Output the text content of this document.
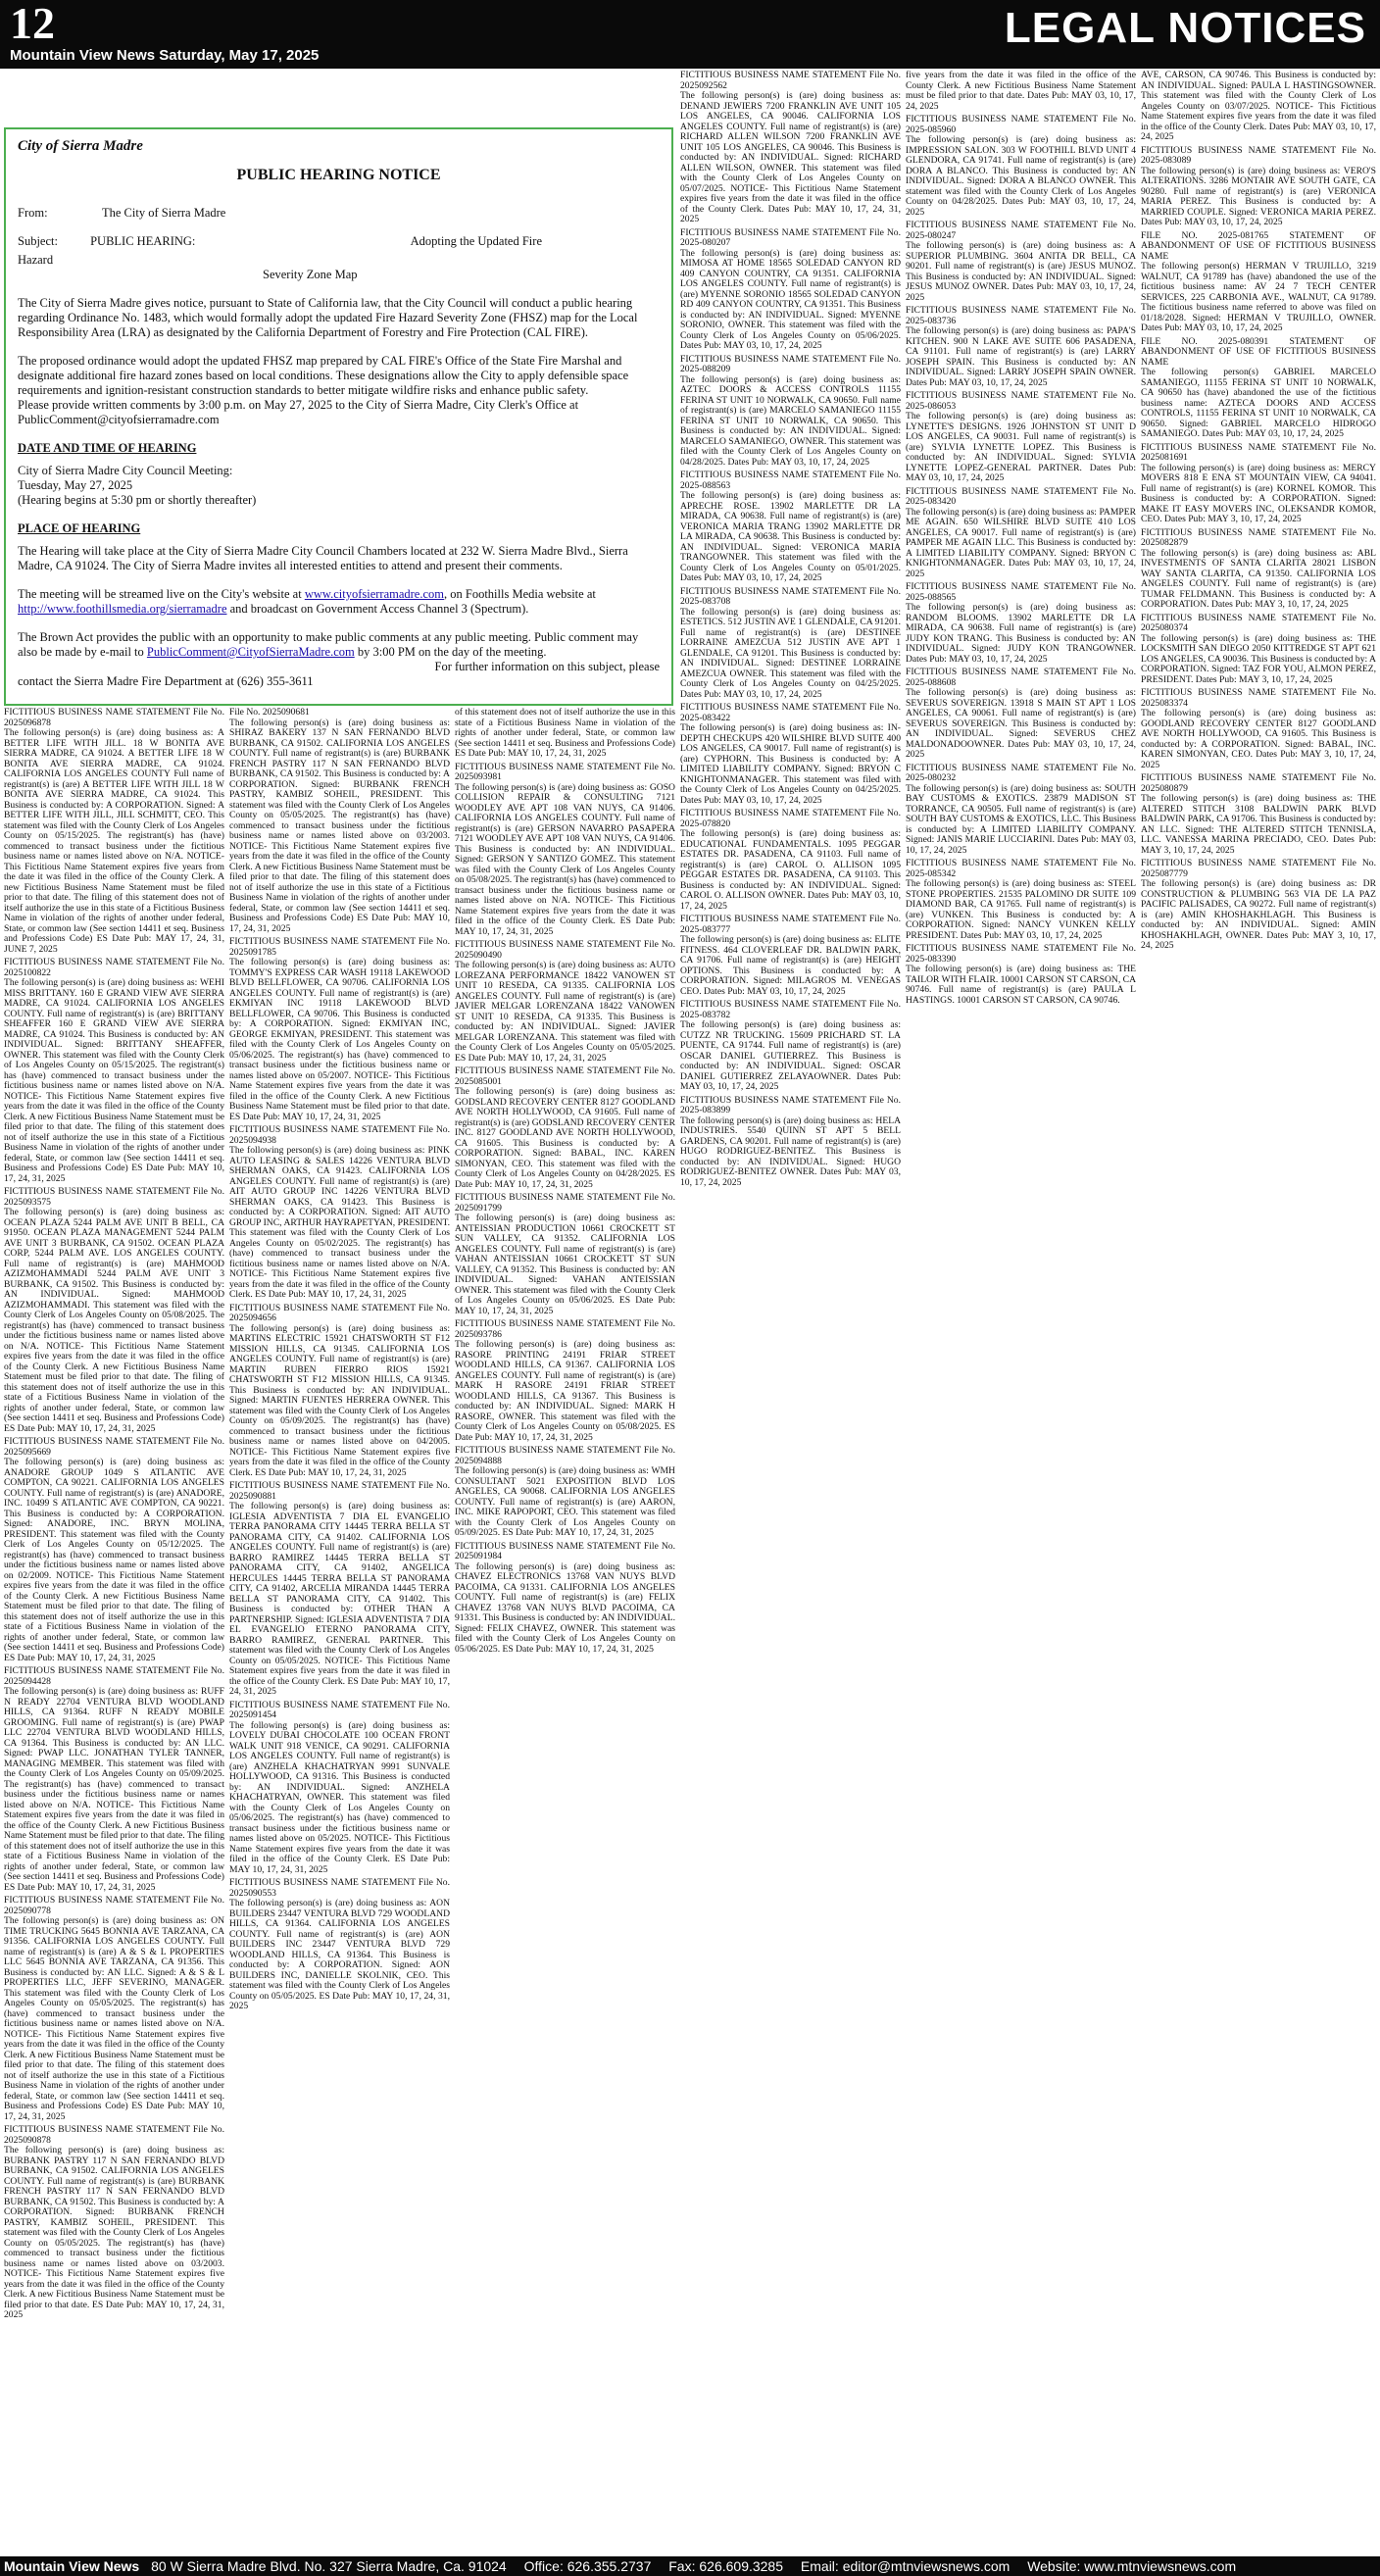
12	LEGAL NOTICES
Mountain View News Saturday, May 17, 2025
City of Sierra Madre
PUBLIC HEARING NOTICE
From:	The City of Sierra Madre
Subject:	PUBLIC HEARING:	Adopting the Updated Fire
Hazard
Severity Zone Map

The City of Sierra Madre gives notice, pursuant to State of California law, that the City Council will conduct a public hearing regarding Ordinance No. 1483, which would formally adopt the updated Fire Hazard Severity Zone (FHSZ) map for the Local Responsibility Area (LRA) as designated by the California Department of Forestry and Fire Protection (CAL FIRE).

The proposed ordinance would adopt the updated FHSZ map prepared by CAL FIRE's Office of the State Fire Marshal and designate additional fire hazard zones based on local conditions. These designations allow the City to apply defensible space requirements and ignition-resistant construction standards to better mitigate wildfire risks and enhance public safety.

Please provide written comments by 3:00 p.m. on May 27, 2025 to the City of Sierra Madre, City Clerk's Office at PublicComment@cityofsierramadre.com
DATE AND TIME OF HEARING

City of Sierra Madre City Council Meeting:
Tuesday, May 27, 2025
(Hearing begins at 5:30 pm or shortly thereafter)

PLACE OF HEARING

The Hearing will take place at the City of Sierra Madre City Council Chambers located at 232 W. Sierra Madre Blvd., Sierra Madre, CA 91024. The City of Sierra Madre invites all interested entities to attend and present their comments.

The meeting will be streamed live on the City's website at www.cityofsierramadre.com, on Foothills Media website at http://www.foothillsmedia.org/sierramadre and broadcast on Government Access Channel 3 (Spectrum).

The Brown Act provides the public with an opportunity to make public comments at any public meeting. Public comment may also be made by e-mail to PublicComment@CityofSierraMadre.com by 3:00 PM on the day of the meeting.

For further information on this subject, please
contact the Sierra Madre Fire Department at (626) 355-3611
FICTITIOUS BUSINESS NAME STATEMENT File No. 2025096878
The following person(s) is (are) doing business as: A BETTER LIFE WITH JILL. 18 W BONITA AVE SIERRA MADRE, CA 91024. A BETTER LIFE 18 W BONITA AVE SIERRA MADRE, CA 91024. CALIFORNIA LOS ANGELES COUNTY Full name of registrant(s) is (are) A BETTER LIFE WITH JILL 18 W BONITA AVE SIERRA MADRE, CA 91024. This Business is conducted by: A CORPORATION. Signed: A BETTER LIFE WITH JILL, JILL SCHMITT, CEO. This statement was filed with the County Clerk of Los Angeles County on 05/15/2025. The registrant(s) has (have) commenced to transact business under the fictitious business name or names listed above on N/A. NOTICE- This Fictitious Name Statement expires five years from the date it was filed in the office of the County Clerk. A new Fictitious Business Name Statement must be filed prior to that date. The filing of this statement does not of itself authorize the use in this state of a Fictitious Business Name in violation of the rights of another under federal, State, or common law (See section 14411 et seq. Business and Professions Code) ES Date Pub: MAY 17, 24, 31, JUNE 7, 2025
FICTITIOUS BUSINESS NAME STATEMENT File No. 2025100822
The following person(s) is (are) doing business as: WEHI MISS BRITTANY. 160 E GRAND VIEW AVE SIERRA MADRE, CA 91024. CALIFORNIA LOS ANGELES COUNTY. Full name of registrant(s) is (are) BRITTANY SHEAFFER 160 E GRAND VIEW AVE SIERRA MADRE, CA 91024. This Business is conducted by: AN INDIVIDUAL. Signed: BRITTANY SHEAFFER, OWNER. This statement was filed with the County Clerk of Los Angeles County on 05/15/2025. The registrant(s) has (have) commenced to transact business under the fictitious business name or names listed above on N/A. NOTICE- This Fictitious Name Statement expires five years from the date it was filed in the office of the County Clerk. A new Fictitious Business Name Statement must be filed prior to that date. The filing of this statement does not of itself authorize the use in this state of a Fictitious Business Name in violation of the rights of another under federal, State, or common law (See section 14411 et seq. Business and Professions Code) ES Date Pub: MAY 10, 17, 24, 31, 2025
FICTITIOUS BUSINESS NAME STATEMENT File No. 2025093575
The following person(s) is (are) doing business as: OCEAN PLAZA 5244 PALM AVE UNIT B BELL, CA 91950. OCEAN PLAZA MANAGEMENT 5244 PALM AVE UNIT 3 BURBANK, CA 91502. OCEAN PLAZA CORP, 5244 PALM AVE. LOS ANGELES COUNTY. Full name of registrant(s) is (are) MAHMOOD AZIZMOHAMMADI 5244 PALM AVE UNIT 3 BURBANK, CA 91502. This Business is conducted by: AN INDIVIDUAL. Signed: MAHMOOD AZIZMOHAMMADI. This statement was filed with the County Clerk of Los Angeles County on 05/08/2025. The registrant(s) has (have) commenced to transact business under the fictitious business name or names listed above on N/A. NOTICE- This Fictitious Name Statement expires five years from the date it was filed in the office of the County Clerk. A new Fictitious Business Name Statement must be filed prior to that date. The filing of this statement does not of itself authorize the use in this state of a Fictitious Business Name in violation of the rights of another under federal, State, or common law (See section 14411 et seq. Business and Professions Code) ES Date Pub: MAY 10, 17, 24, 31, 2025
FICTITIOUS BUSINESS NAME STATEMENT File No. 2025095669
The following person(s) is (are) doing business as: ANADORE GROUP 1049 S ATLANTIC AVE COMPTON, CA 90221. CALIFORNIA LOS ANGELES COUNTY. Full name of registrant(s) is (are) ANADORE, INC. 10499 S ATLANTIC AVE COMPTON, CA 90221. This Business is conducted by: A CORPORATION. Signed: ANADORE, INC. BRYN MOLINA, PRESIDENT. This statement was filed with the County Clerk of Los Angeles County on 05/12/2025. The registrant(s) has (have) commenced to transact business under the fictitious business name or names listed above on 02/2009. NOTICE- This Fictitious Name Statement expires five years from the date it was filed in the office of the County Clerk. A new Fictitious Business Name Statement must be filed prior to that date. The filing of this statement does not of itself authorize the use in this state of a Fictitious Business Name in violation of the rights of another under federal, State, or common law (See section 14411 et seq. Business and Professions Code) ES Date Pub: MAY 10, 17, 24, 31, 2025
FICTITIOUS BUSINESS NAME STATEMENT File No. 2025094428
The following person(s) is (are) doing business as: RUFF N READY 22704 VENTURA BLVD WOODLAND HILLS, CA 91364. RUFF N READY MOBILE GROOMING. Full name of registrant(s) is (are) PWAP LLC 22704 VENTURA BLVD WOODLAND HILLS, CA 91364. This Business is conducted by: AN LLC. Signed: PWAP LLC. JONATHAN TYLER TANNER, MANAGING MEMBER. This statement was filed with the County Clerk of Los Angeles County on 05/09/2025. The registrant(s) has (have) commenced to transact business under the fictitious business name or names listed above on N/A. NOTICE- This Fictitious Name Statement expires five years from the date it was filed in the office of the County Clerk. A new Fictitious Business Name Statement must be filed prior to that date. The filing of this statement does not of itself authorize the use in this state of a Fictitious Business Name in violation of the rights of another under federal, State, or common law (See section 14411 et seq. Business and Professions Code) ES Date Pub: MAY 10, 17, 24, 31, 2025
FICTITIOUS BUSINESS NAME STATEMENT File No. 2025090778
The following person(s) is (are) doing business as: ON TIME TRUCKING 5645 BONNIA AVE TARZANA, CA 91356. CALIFORNIA LOS ANGELES COUNTY. Full name of registrant(s) is (are) A & S & L PROPERTIES LLC 5645 BONNIA AVE TARZANA, CA 91356. This Business is conducted by: AN LLC. Signed: A & S & L PROPERTIES LLC, JEFF SEVERINO, MANAGER. This statement was filed with the County Clerk of Los Angeles County on 05/05/2025. The registrant(s) has (have) commenced to transact business under the fictitious business name or names listed above on N/A. NOTICE- This Fictitious Name Statement expires five years from the date it was filed in the office of the County Clerk. A new Fictitious Business Name Statement must be filed prior to that date. The filing of this statement does not of itself authorize the use in this state of a Fictitious Business Name in violation of the rights of another under federal, State, or common law (See section 14411 et seq. Business and Professions Code) ES Date Pub: MAY 10, 17, 24, 31, 2025
FICTITIOUS BUSINESS NAME STATEMENT File No. 2025090878
The following person(s) is (are) doing business as: BURBANK PASTRY 117 N SAN FERNANDO BLVD BURBANK, CA 91502. CALIFORNIA LOS ANGELES COUNTY. Full name of registrant(s) is (are) BURBANK FRENCH PASTRY 117 N SAN FERNANDO BLVD BURBANK, CA 91502. This Business is conducted by: A CORPORATION. Signed: BURBANK FRENCH PASTRY, KAMBIZ SOHEIL, PRESIDENT. This statement was filed with the County Clerk of Los Angeles County on 05/05/2025. The registrant(s) has (have) commenced to transact business under the fictitious business name or names listed above on 03/2003. NOTICE- This Fictitious Name Statement expires five years from the date it was filed in the office of the County Clerk. A new Fictitious Business Name Statement must be filed prior to that date. ES Date Pub: MAY 10, 17, 24, 31, 2025
File No. 2025090681
The following person(s) is (are) doing business as: SHIRAZ BAKERY 137 N SAN FERNANDO BLVD BURBANK, CA 91502. CALIFORNIA LOS ANGELES COUNTY. Full name of registrant(s) is (are) BURBANK FRENCH PASTRY 117 N SAN FERNANDO BLVD BURBANK, CA 91502. This Business is conducted by: A CORPORATION. Signed: BURBANK FRENCH PASTRY, KAMBIZ SOHEIL, PRESIDENT. This statement was filed with the County Clerk of Los Angeles County on 05/05/2025. The registrant(s) has (have) commenced to transact business under the fictitious business name or names listed above on 03/2003. NOTICE- This Fictitious Name Statement expires five years from the date it was filed in the office of the County Clerk. A new Fictitious Business Name Statement must be filed prior to that date. The filing of this statement does not of itself authorize the use in this state of a Fictitious Business Name in violation of the rights of another under federal, State, or common law (See section 14411 et seq. Business and Professions Code) ES Date Pub: MAY 10, 17, 24, 31, 2025
FICTITIOUS BUSINESS NAME STATEMENT File No. 2025091785
The following person(s) is (are) doing business as: TOMMY'S EXPRESS CAR WASH 19118 LAKEWOOD BLVD BELLFLOWER, CA 90706. CALIFORNIA LOS ANGELES COUNTY. Full name of registrant(s) is (are) EKMIYAN INC 19118 LAKEWOOD BLVD BELLFLOWER, CA 90706. This Business is conducted by: A CORPORATION. Signed: EKMIYAN INC, GEORGE EKMIYAN, PRESIDENT. This statement was filed with the County Clerk of Los Angeles County on 05/06/2025. The registrant(s) has (have) commenced to transact business under the fictitious business name or names listed above on 05/2007. NOTICE- This Fictitious Name Statement expires five years from the date it was filed in the office of the County Clerk. A new Fictitious Business Name Statement must be filed prior to that date. ES Date Pub: MAY 10, 17, 24, 31, 2025
FICTITIOUS BUSINESS NAME STATEMENT File No. 2025094938
The following person(s) is (are) doing business as: PINK AUTO LEASING & SALES 14226 VENTURA BLVD SHERMAN OAKS, CA 91423. CALIFORNIA LOS ANGELES COUNTY. Full name of registrant(s) is (are) AIT AUTO GROUP INC 14226 VENTURA BLVD SHERMAN OAKS, CA 91423. This Business is conducted by: A CORPORATION. Signed: AIT AUTO GROUP INC, ARTHUR HAYRAPETYAN, PRESIDENT. This statement was filed with the County Clerk of Los Angeles County on 05/02/2025. The registrant(s) has (have) commenced to transact business under the fictitious business name or names listed above on N/A. NOTICE- This Fictitious Name Statement expires five years from the date it was filed in the office of the County Clerk. ES Date Pub: MAY 10, 17, 24, 31, 2025
FICTITIOUS BUSINESS NAME STATEMENT File No. 2025094656
The following person(s) is (are) doing business as: MARTINS ELECTRIC 15921 CHATSWORTH ST F12 MISSION HILLS, CA 91345. CALIFORNIA LOS ANGELES COUNTY. Full name of registrant(s) is (are) MARTIN RUBEN FIERRO RIOS 15921 CHATSWORTH ST F12 MISSION HILLS, CA 91345. This Business is conducted by: AN INDIVIDUAL. Signed: MARTIN FUENTES HERRERA OWNER. This statement was filed with the County Clerk of Los Angeles County on 05/09/2025. The registrant(s) has (have) commenced to transact business under the fictitious business name or names listed above on 04/2005. NOTICE- This Fictitious Name Statement expires five years from the date it was filed in the office of the County Clerk. ES Date Pub: MAY 10, 17, 24, 31, 2025
FICTITIOUS BUSINESS NAME STATEMENT File No. 2025090881
The following person(s) is (are) doing business as: IGLESIA ADVENTISTA 7 DIA EL EVANGELIO TERRA PANORAMA CITY 14445 TERRA BELLA ST PANORAMA CITY, CA 91402. CALIFORNIA LOS ANGELES COUNTY. Full name of registrant(s) is (are) BARRO RAMIREZ 14445 TERRA BELLA ST PANORAMA CITY, CA 91402, ANGELICA HERCULES 14445 TERRA BELLA ST PANORAMA CITY, CA 91402, ARCELIA MIRANDA 14445 TERRA BELLA ST PANORAMA CITY, CA 91402. This Business is conducted by: OTHER THAN A PARTNERSHIP. Signed: IGLESIA ADVENTISTA 7 DIA EL EVANGELIO ETERNO PANORAMA CITY, BARRO RAMIREZ, GENERAL PARTNER. This statement was filed with the County Clerk of Los Angeles County on 05/05/2025. NOTICE- This Fictitious Name Statement expires five years from the date it was filed in the office of the County Clerk. ES Date Pub: MAY 10, 17, 24, 31, 2025
FICTITIOUS BUSINESS NAME STATEMENT File No. 2025091454
The following person(s) is (are) doing business as: LOVELY DUBAI CHOCOLATE 100 OCEAN FRONT WALK UNIT 918 VENICE, CA 90291. CALIFORNIA LOS ANGELES COUNTY. Full name of registrant(s) is (are) ANZHELA KHACHATRYAN 9991 SUNVALE HOLLYWOOD, CA 91316. This Business is conducted by: AN INDIVIDUAL. Signed: ANZHELA KHACHATRYAN, OWNER. This statement was filed with the County Clerk of Los Angeles County on 05/06/2025. The registrant(s) has (have) commenced to transact business under the fictitious business name or names listed above on 05/2025. NOTICE- This Fictitious Name Statement expires five years from the date it was filed in the office of the County Clerk. ES Date Pub: MAY 10, 17, 24, 31, 2025
FICTITIOUS BUSINESS NAME STATEMENT File No. 2025090553
The following person(s) is (are) doing business as: AON BUILDERS 23447 VENTURA BLVD 729 WOODLAND HILLS, CA 91364. CALIFORNIA LOS ANGELES COUNTY. Full name of registrant(s) is (are) AON BUILDERS INC 23447 VENTURA BLVD 729 WOODLAND HILLS, CA 91364. This Business is conducted by: A CORPORATION. Signed: AON BUILDERS INC, DANIELLE SKOLNIK, CEO. This statement was filed with the County Clerk of Los Angeles County on 05/05/2025. ES Date Pub: MAY 10, 17, 24, 31, 2025
of this statement does not of itself authorize the use in this state of a Fictitious Business Name in violation of the rights of another under federal, State, or common law (See section 14411 et seq. Business and Professions Code) ES Date Pub: MAY 10, 17, 24, 31, 2025
FICTITIOUS BUSINESS NAME STATEMENT File No. 2025093981
The following person(s) is (are) doing business as: GOSO COLLISION REPAIR & CONSULTING 7121 WOODLEY AVE APT 108 VAN NUYS, CA 91406. CALIFORNIA LOS ANGELES COUNTY. Full name of registrant(s) is (are) GERSON NAVARRO PASAPERA 7121 WOODLEY AVE APT 108 VAN NUYS, CA 91406. This Business is conducted by: AN INDIVIDUAL. Signed: GERSON Y SANTIZO GOMEZ. This statement was filed with the County Clerk of Los Angeles County on 05/08/2025. The registrant(s) has (have) commenced to transact business under the fictitious business name or names listed above on N/A. NOTICE- This Fictitious Name Statement expires five years from the date it was filed in the office of the County Clerk. ES Date Pub: MAY 10, 17, 24, 31, 2025
FICTITIOUS BUSINESS NAME STATEMENT File No. 2025090490
The following person(s) is (are) doing business as: AUTO LOREZANA PERFORMANCE 18422 VANOWEN ST UNIT 10 RESEDA, CA 91335. CALIFORNIA LOS ANGELES COUNTY. Full name of registrant(s) is (are) JAVIER MELGAR LORENZANA 18422 VANOWEN ST UNIT 10 RESEDA, CA 91335. This Business is conducted by: AN INDIVIDUAL. Signed: JAVIER MELGAR LORENZANA. This statement was filed with the County Clerk of Los Angeles County on 05/05/2025. ES Date Pub: MAY 10, 17, 24, 31, 2025
FICTITIOUS BUSINESS NAME STATEMENT File No. 2025085001
The following person(s) is (are) doing business as: GODSLAND RECOVERY CENTER 8127 GOODLAND AVE NORTH HOLLYWOOD, CA 91605. Full name of registrant(s) is (are) GODSLAND RECOVERY CENTER INC. 8127 GOODLAND AVE NORTH HOLLYWOOD, CA 91605. This Business is conducted by: A CORPORATION. Signed: BABAL, INC. KAREN SIMONYAN, CEO. This statement was filed with the County Clerk of Los Angeles County on 04/28/2025. ES Date Pub: MAY 10, 17, 24, 31, 2025
FICTITIOUS BUSINESS NAME STATEMENT File No. 2025091799
The following person(s) is (are) doing business as: ANTEISSIAN PRODUCTION 10661 CROCKETT ST SUN VALLEY, CA 91352. CALIFORNIA LOS ANGELES COUNTY. Full name of registrant(s) is (are) VAHAN ANTEISSIAN 10661 CROCKETT ST SUN VALLEY, CA 91352. This Business is conducted by: AN INDIVIDUAL. Signed: VAHAN ANTEISSIAN OWNER. This statement was filed with the County Clerk of Los Angeles County on 05/06/2025. ES Date Pub: MAY 10, 17, 24, 31, 2025
FICTITIOUS BUSINESS NAME STATEMENT File No. 2025093786
The following person(s) is (are) doing business as: RASORE PRINTING 24191 FRIAR STREET WOODLAND HILLS, CA 91367. CALIFORNIA LOS ANGELES COUNTY. Full name of registrant(s) is (are) MARK H RASORE 24191 FRIAR STREET WOODLAND HILLS, CA 91367. This Business is conducted by: AN INDIVIDUAL. Signed: MARK H RASORE, OWNER. This statement was filed with the County Clerk of Los Angeles County on 05/08/2025. ES Date Pub: MAY 10, 17, 24, 31, 2025
FICTITIOUS BUSINESS NAME STATEMENT File No. 2025094888
The following person(s) is (are) doing business as: WMH CONSULTANT 5021 EXPOSITION BLVD LOS ANGELES, CA 90068. CALIFORNIA LOS ANGELES COUNTY. Full name of registrant(s) is (are) AARON, INC. MIKE RAPOPORT, CEO. This statement was filed with the County Clerk of Los Angeles County on 05/09/2025. ES Date Pub: MAY 10, 17, 24, 31, 2025
FICTITIOUS BUSINESS NAME STATEMENT File No. 2025091984
The following person(s) is (are) doing business as: CHAVEZ ELECTRONICS 13768 VAN NUYS BLVD PACOIMA, CA 91331. CALIFORNIA LOS ANGELES COUNTY. Full name of registrant(s) is (are) FELIX CHAVEZ 13768 VAN NUYS BLVD PACOIMA, CA 91331. This Business is conducted by: AN INDIVIDUAL. Signed: FELIX CHAVEZ, OWNER. This statement was filed with the County Clerk of Los Angeles County on 05/06/2025. ES Date Pub: MAY 10, 17, 24, 31, 2025
FICTITIOUS BUSINESS NAME STATEMENT File No. 2025092562
The following person(s) is (are) doing business as: DENAND JEWIERS 7200 FRANKLIN AVE UNIT 105 LOS ANGELES, CA 90046. CALIFORNIA LOS ANGELES COUNTY. Full name of registrant(s) is (are) RICHARD ALLEN WILSON 7200 FRANKLIN AVE UNIT 105 LOS ANGELES, CA 90046. This Business is conducted by: AN INDIVIDUAL. Signed: RICHARD ALLEN WILSON, OWNER. This statement was filed with the County Clerk of Los Angeles County on 05/07/2025. NOTICE- This Fictitious Name Statement expires five years from the date it was filed in the office of the County Clerk. Dates Pub: MAY 10, 17, 24, 31, 2025
FICTITIOUS BUSINESS NAME STATEMENT File No. 2025-080207
The following person(s) is (are) doing business as: MIMOSA AT HOME 18565 SOLEDAD CANYON RD 409 CANYON COUNTRY, CA 91351. CALIFORNIA LOS ANGELES COUNTY. Full name of registrant(s) is (are) MYENNE SORONIO 18565 SOLEDAD CANYON RD 409 CANYON COUNTRY, CA 91351. This Business is conducted by: AN INDIVIDUAL. Signed: MYENNE SORONIO, OWNER. This statement was filed with the County Clerk of Los Angeles County on 05/06/2025. Dates Pub: MAY 03, 10, 17, 24, 2025
FICTITIOUS BUSINESS NAME STATEMENT File No. 2025-088209
The following person(s) is (are) doing business as: AZTEC DOORS & ACCESS CONTROLS 11155 FERINA ST UNIT 10 NORWALK, CA 90650. Full name of registrant(s) is (are) MARCELO SAMANIEGO 11155 FERINA ST UNIT 10 NORWALK, CA 90650. This Business is conducted by: AN INDIVIDUAL. Signed: MARCELO SAMANIEGO, OWNER. This statement was filed with the County Clerk of Los Angeles County on 04/28/2025. Dates Pub: MAY 03, 10, 17, 24, 2025
FICTITIOUS BUSINESS NAME STATEMENT File No. 2025-088563
The following person(s) is (are) doing business as: APRECHE ROSE. 13902 MARLETTE DR LA MIRADA, CA 90638. Full name of registrant(s) is (are) VERONICA MARIA TRANG 13902 MARLETTE DR LA MIRADA, CA 90638. This Business is conducted by: AN INDIVIDUAL. Signed: VERONICA MARIA TRANGOWNER. This statement was filed with the County Clerk of Los Angeles County on 05/01/2025. Dates Pub: MAY 03, 10, 17, 24, 2025
FICTITIOUS BUSINESS NAME STATEMENT File No. 2025-083708
The following person(s) is (are) doing business as: ESTETICS. 512 JUSTIN AVE 1 GLENDALE, CA 91201. Full name of registrant(s) is (are) DESTINEE LORRAINE AMEZCUA 512 JUSTIN AVE APT 1 GLENDALE, CA 91201. This Business is conducted by: AN INDIVIDUAL. Signed: DESTINEE LORRAINE AMEZCUA OWNER. This statement was filed with the County Clerk of Los Angeles County on 04/25/2025. Dates Pub: MAY 03, 10, 17, 24, 2025
FICTITIOUS BUSINESS NAME STATEMENT File No. 2025-083422
The following person(s) is (are) doing business as: IN-DEPTH CHECKUPS 420 WILSHIRE BLVD SUITE 400 LOS ANGELES, CA 90017. Full name of registrant(s) is (are) CYPHORN. This Business is conducted by: A LIMITED LIABILITY COMPANY. Signed: BRYON C KNIGHTONMANAGER. This statement was filed with the County Clerk of Los Angeles County on 04/25/2025. Dates Pub: MAY 03, 10, 17, 24, 2025
FICTITIOUS BUSINESS NAME STATEMENT File No. 2025-078820
The following person(s) is (are) doing business as: EDUCATIONAL FUNDAMENTALS. 1095 PEGGAR ESTATES DR. PASADENA, CA 91103. Full name of registrant(s) is (are) CAROL O. ALLISON 1095 PEGGAR ESTATES DR. PASADENA, CA 91103. This Business is conducted by: AN INDIVIDUAL. Signed: CAROL O. ALLISON OWNER. Dates Pub: MAY 03, 10, 17, 24, 2025
FICTITIOUS BUSINESS NAME STATEMENT File No. 2025-083777
The following person(s) is (are) doing business as: ELITE FITNESS. 464 CLOVERLEAF DR. BALDWIN PARK, CA 91706. Full name of registrant(s) is (are) HEIGHT OPTIONS. This Business is conducted by: A CORPORATION. Signed: MILAGROS M. VENEGAS CEO. Dates Pub: MAY 03, 10, 17, 24, 2025
FICTITIOUS BUSINESS NAME STATEMENT File No. 2025-083782
The following person(s) is (are) doing business as: CUTZZ NR TRUCKING. 15609 PRICHARD ST. LA PUENTE, CA 91744. Full name of registrant(s) is (are) OSCAR DANIEL GUTIERREZ. This Business is conducted by: AN INDIVIDUAL. Signed: OSCAR DANIEL GUTIERREZ ZELAYAOWNER. Dates Pub: MAY 03, 10, 17, 24, 2025
FICTITIOUS BUSINESS NAME STATEMENT File No. 2025-083899
The following person(s) is (are) doing business as: HELA INDUSTRIES. 5540 QUINN ST APT 5 BELL GARDENS, CA 90201. Full name of registrant(s) is (are) HUGO RODRIGUEZ-BENITEZ. This Business is conducted by: AN INDIVIDUAL. Signed: HUGO RODRIGUEZ-BENITEZ OWNER. Dates Pub: MAY 03, 10, 17, 24, 2025
five years from the date it was filed in the office of the County Clerk. A new Fictitious Business Name Statement must be filed prior to that date. Dates Pub: MAY 03, 10, 17, 24, 2025
FICTITIOUS BUSINESS NAME STATEMENT File No. 2025-085960
The following person(s) is (are) doing business as: IMPRESSION SALON. 303 W FOOTHILL BLVD UNIT 4 GLENDORA, CA 91741. Full name of registrant(s) is (are) DORA A BLANCO. This Business is conducted by: AN INDIVIDUAL. Signed: DORA A BLANCO OWNER. This statement was filed with the County Clerk of Los Angeles County on 04/28/2025. Dates Pub: MAY 03, 10, 17, 24, 2025
FICTITIOUS BUSINESS NAME STATEMENT File No. 2025-080247
The following person(s) is (are) doing business as: A SUPERIOR PLUMBING. 3604 ANITA DR BELL, CA 90201. Full name of registrant(s) is (are) JESUS MUNOZ. This Business is conducted by: AN INDIVIDUAL. Signed: JESUS MUNOZ OWNER. Dates Pub: MAY 03, 10, 17, 24, 2025
FICTITIOUS BUSINESS NAME STATEMENT File No. 2025-083736
The following person(s) is (are) doing business as: PAPA'S KITCHEN. 900 N LAKE AVE SUITE 606 PASADENA, CA 91101. Full name of registrant(s) is (are) LARRY JOSEPH SPAIN. This Business is conducted by: AN INDIVIDUAL. Signed: LARRY JOSEPH SPAIN OWNER. Dates Pub: MAY 03, 10, 17, 24, 2025
FICTITIOUS BUSINESS NAME STATEMENT File No. 2025-086053
The following person(s) is (are) doing business as: LYNETTE'S DESIGNS. 1926 JOHNSTON ST UNIT D LOS ANGELES, CA 90031. Full name of registrant(s) is (are) SYLVIA LYNETTE LOPEZ. This Business is conducted by: AN INDIVIDUAL. Signed: SYLVIA LYNETTE LOPEZ-GENERAL PARTNER. Dates Pub: MAY 03, 10, 17, 24, 2025
FICTITIOUS BUSINESS NAME STATEMENT File No. 2025-083420
The following person(s) is (are) doing business as: PAMPER ME AGAIN. 650 WILSHIRE BLVD SUITE 410 LOS ANGELES, CA 90017. Full name of registrant(s) is (are) PAMPER ME AGAIN LLC. This Business is conducted by: A LIMITED LIABILITY COMPANY. Signed: BRYON C KNIGHTONMANAGER. Dates Pub: MAY 03, 10, 17, 24, 2025
FICTITIOUS BUSINESS NAME STATEMENT File No. 2025-088565
The following person(s) is (are) doing business as: RANDOM BLOOMS. 13902 MARLETTE DR LA MIRADA, CA 90638. Full name of registrant(s) is (are) JUDY KON TRANG. This Business is conducted by: AN INDIVIDUAL. Signed: JUDY KON TRANGOWNER. Dates Pub: MAY 03, 10, 17, 24, 2025
FICTITIOUS BUSINESS NAME STATEMENT File No. 2025-088608
The following person(s) is (are) doing business as: SEVERUS SOVEREIGN. 13918 S MAIN ST APT 1 LOS ANGELES, CA 90061. Full name of registrant(s) is (are) SEVERUS SOVEREIGN. This Business is conducted by: AN INDIVIDUAL. Signed: SEVERUS CHEZ MALDONADOOWNER. Dates Pub: MAY 03, 10, 17, 24, 2025
FICTITIOUS BUSINESS NAME STATEMENT File No. 2025-080232
The following person(s) is (are) doing business as: SOUTH BAY CUSTOMS & EXOTICS. 23879 MADISON ST TORRANCE, CA 90505. Full name of registrant(s) is (are) SOUTH BAY CUSTOMS & EXOTICS, LLC. This Business is conducted by: A LIMITED LIABILITY COMPANY. Signed: JANIS MARIE LUCCIARINI. Dates Pub: MAY 03, 10, 17, 24, 2025
FICTITIOUS BUSINESS NAME STATEMENT File No. 2025-085342
The following person(s) is (are) doing business as: STEEL STONE PROPERTIES. 21535 PALOMINO DR SUITE 109 DIAMOND BAR, CA 91765. Full name of registrant(s) is (are) VUNKEN. This Business is conducted by: A CORPORATION. Signed: NANCY VUNKEN KELLY PRESIDENT. Dates Pub: MAY 03, 10, 17, 24, 2025
FICTITIOUS BUSINESS NAME STATEMENT File No. 2025-083390
The following person(s) is (are) doing business as: THE TAILOR WITH FLAIR. 10001 CARSON ST CARSON, CA 90746. Full name of registrant(s) is (are) PAULA L HASTINGS. 10001 CARSON ST CARSON, CA 90746.
AVE, CARSON, CA 90746. This Business is conducted by: AN INDIVIDUAL. Signed: PAULA L HASTINGSOWNER. This statement was filed with the County Clerk of Los Angeles County on 03/07/2025. NOTICE- This Fictitious Name Statement expires five years from the date it was filed in the office of the County Clerk. Dates Pub: MAY 03, 10, 17, 24, 2025
FICTITIOUS BUSINESS NAME STATEMENT File No. 2025-083089
The following person(s) is (are) doing business as: VERO'S ALTERATIONS. 3286 MONTAIR AVE SOUTH GATE, CA 90280. Full name of registrant(s) is (are) VERONICA MARIA PEREZ. This Business is conducted by: A MARRIED COUPLE. Signed: VERONICA MARIA PEREZ. Dates Pub: MAY 03, 10, 17, 24, 2025
FILE NO. 2025-081765 STATEMENT OF ABANDONMENT OF USE OF FICTITIOUS BUSINESS NAME
The following person(s) HERMAN V TRUJILLO, 3219 WALNUT, CA 91789 has (have) abandoned the use of the fictitious business name: AV 24 7 TECH CENTER SERVICES, 225 CARBONIA AVE., WALNUT, CA 91789. The fictitious business name referred to above was filed on 01/18/2028. Signed: HERMAN V TRUJILLO, OWNER. Dates Pub: MAY 03, 10, 17, 24, 2025
FILE NO. 2025-080391 STATEMENT OF ABANDONMENT OF USE OF FICTITIOUS BUSINESS NAME
The following person(s) GABRIEL MARCELO SAMANIEGO, 11155 FERINA ST UNIT 10 NORWALK, CA 90650 has (have) abandoned the use of the fictitious business name: AZTECA DOORS AND ACCESS CONTROLS, 11155 FERINA ST UNIT 10 NORWALK, CA 90650. Signed: GABRIEL MARCELO HIDROGO SAMANIEGO. Dates Pub: MAY 03, 10, 17, 24, 2025
FICTITIOUS BUSINESS NAME STATEMENT File No. 2025081691
The following person(s) is (are) doing business as: MERCY MOVERS 818 E ENA ST MOUNTAIN VIEW, CA 94041. Full name of registrant(s) is (are) KORNEL KOMOR. This Business is conducted by: A CORPORATION. Signed: MAKE IT EASY MOVERS INC, OLEKSANDR KOMOR, CEO. Dates Pub: MAY 3, 10, 17, 24, 2025
FICTITIOUS BUSINESS NAME STATEMENT File No. 2025082879
The following person(s) is (are) doing business as: ABL INVESTMENTS OF SANTA CLARITA 28021 LISBON WAY SANTA CLARITA, CA 91350. CALIFORNIA LOS ANGELES COUNTY. Full name of registrant(s) is (are) TUMAR FELDMANN. This Business is conducted by: A CORPORATION. Dates Pub: MAY 3, 10, 17, 24, 2025
FICTITIOUS BUSINESS NAME STATEMENT File No. 2025080374
The following person(s) is (are) doing business as: THE LOCKSMITH SAN DIEGO 2050 KITTREDGE ST APT 621 LOS ANGELES, CA 90036. This Business is conducted by: A CORPORATION. Signed: TAZ FOR YOU, ALMON PEREZ, PRESIDENT. Dates Pub: MAY 3, 10, 17, 24, 2025
FICTITIOUS BUSINESS NAME STATEMENT File No. 2025083374
The following person(s) is (are) doing business as: GOODLAND RECOVERY CENTER 8127 GOODLAND AVE NORTH HOLLYWOOD, CA 91605. This Business is conducted by: A CORPORATION. Signed: BABAL, INC. KAREN SIMONYAN, CEO. Dates Pub: MAY 3, 10, 17, 24, 2025
FICTITIOUS BUSINESS NAME STATEMENT File No. 2025080879
The following person(s) is (are) doing business as: THE ALTERED STITCH 3108 BALDWIN PARK BLVD BALDWIN PARK, CA 91706. This Business is conducted by: AN LLC. Signed: THE ALTERED STITCH TENNISLA, LLC. VANESSA MARINA PRECIADO, CEO. Dates Pub: MAY 3, 10, 17, 24, 2025
FICTITIOUS BUSINESS NAME STATEMENT File No. 2025087779
The following person(s) is (are) doing business as: DR CONSTRUCTION & PLUMBING 563 VIA DE LA PAZ PACIFIC PALISADES, CA 90272. Full name of registrant(s) is (are) AMIN KHOSHAKHLAGH. This Business is conducted by: AN INDIVIDUAL. Signed: AMIN KHOSHAKHLAGH, OWNER. Dates Pub: MAY 3, 10, 17, 24, 2025
Mountain View News 80 W Sierra Madre Blvd. No. 327 Sierra Madre, Ca. 91024 Office: 626.355.2737 Fax: 626.609.3285 Email: editor@mtnviewsnews.com Website: www.mtnviewsnews.com
